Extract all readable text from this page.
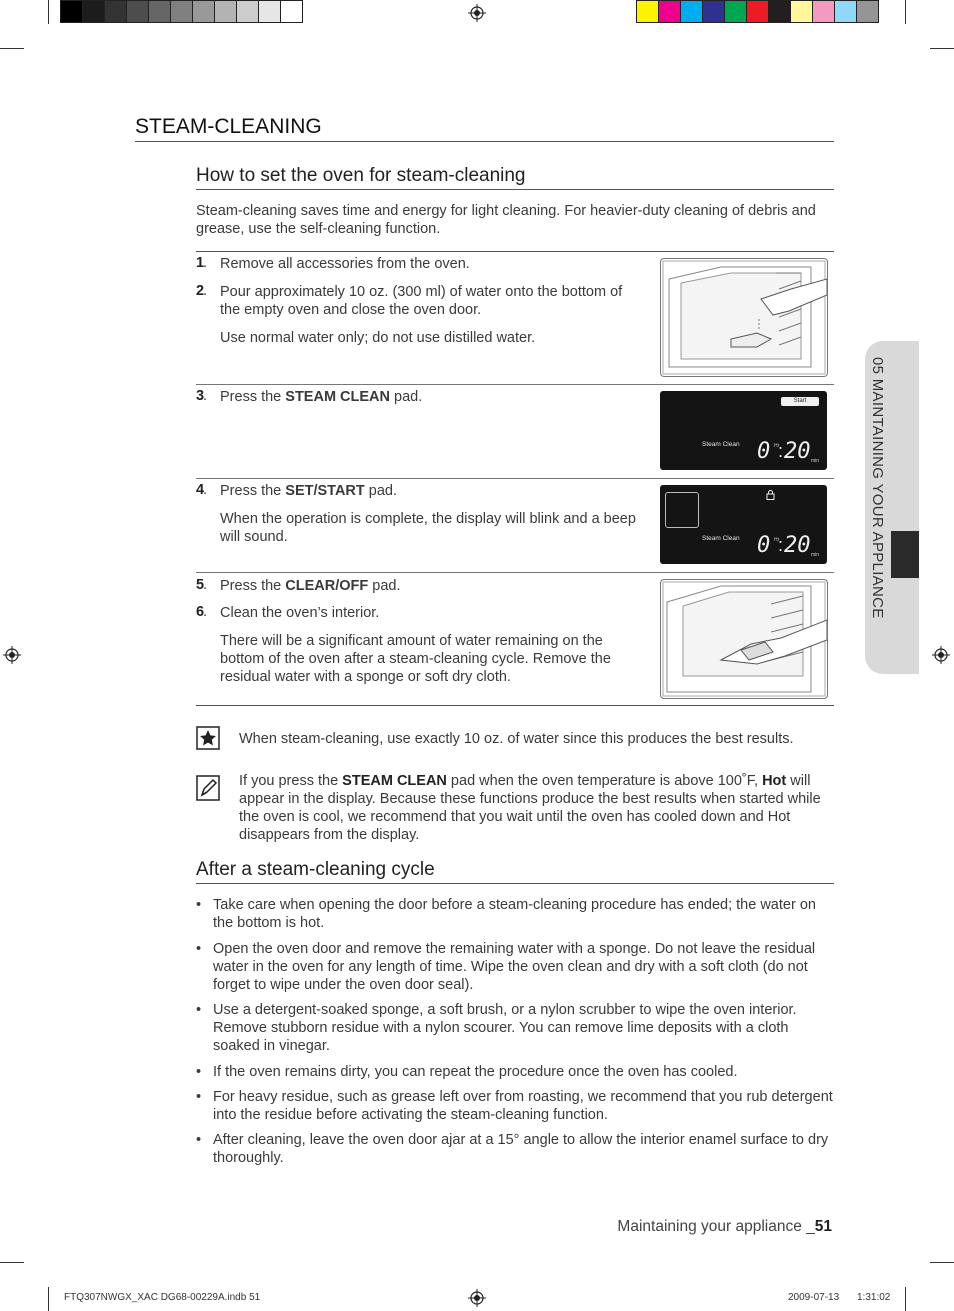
05 MAINTAINING YOUR APPLIANCE
STEAM-CLEANING
How to set the oven for steam-cleaning
Steam-cleaning saves time and energy for light cleaning. For heavier-duty cleaning of debris and grease, use the self-cleaning function.
1
. Remove all accessories from the oven.
2
. Pour approximately 10 oz. (300 ml) of water onto the bottom of the empty oven and close the oven door.
Use normal water only; do not use distilled water.
3
. Press the STEAM CLEAN pad.	Start
Steam Clean 0 Hr
: 20 min
4
. Press the SET/START pad.
When the operation is complete, the display will blink and a beep will sound.	Steam Clean 0 Hr
: 20 min
5
. Press the CLEAR/OFF pad.
6
. Clean the oven’s interior.
There will be a significant amount of water remaining on the bottom of the oven after a steam-cleaning cycle. Remove the residual water with a sponge or soft dry cloth.
When steam-cleaning, use exactly 10 oz. of water since this produces the best results.
If you press the STEAM CLEAN pad when the oven temperature is above 100˚F, Hot will appear in the display. Because these functions produce the best results when started while the oven is cool, we recommend that you wait until the oven has cooled down and Hot disappears from the display.
After a steam-cleaning cycle
• Take care when opening the door before a steam-cleaning procedure has ended; the water on the bottom is hot.
• Open the oven door and remove the remaining water with a sponge. Do not leave the residual water in the oven for any length of time. Wipe the oven clean and dry with a soft cloth (do not forget to wipe under the oven door seal).
• Use a detergent-soaked sponge, a soft brush, or a nylon scrubber to wipe the oven interior. Remove stubborn residue with a nylon scourer. You can remove lime deposits with a cloth soaked in vinegar.
• If the oven remains dirty, you can repeat the procedure once the oven has cooled.
• For heavy residue, such as grease left over from roasting, we recommend that you rub detergent into the residue before activating the steam-cleaning function.
• After cleaning, leave the oven door ajar at a 15° angle to allow the interior enamel surface to dry thoroughly.
Maintaining your appliance _51
FTQ307NWGX_XAC DG68-00229A.indb 51	2009-07-13 1:31:02
